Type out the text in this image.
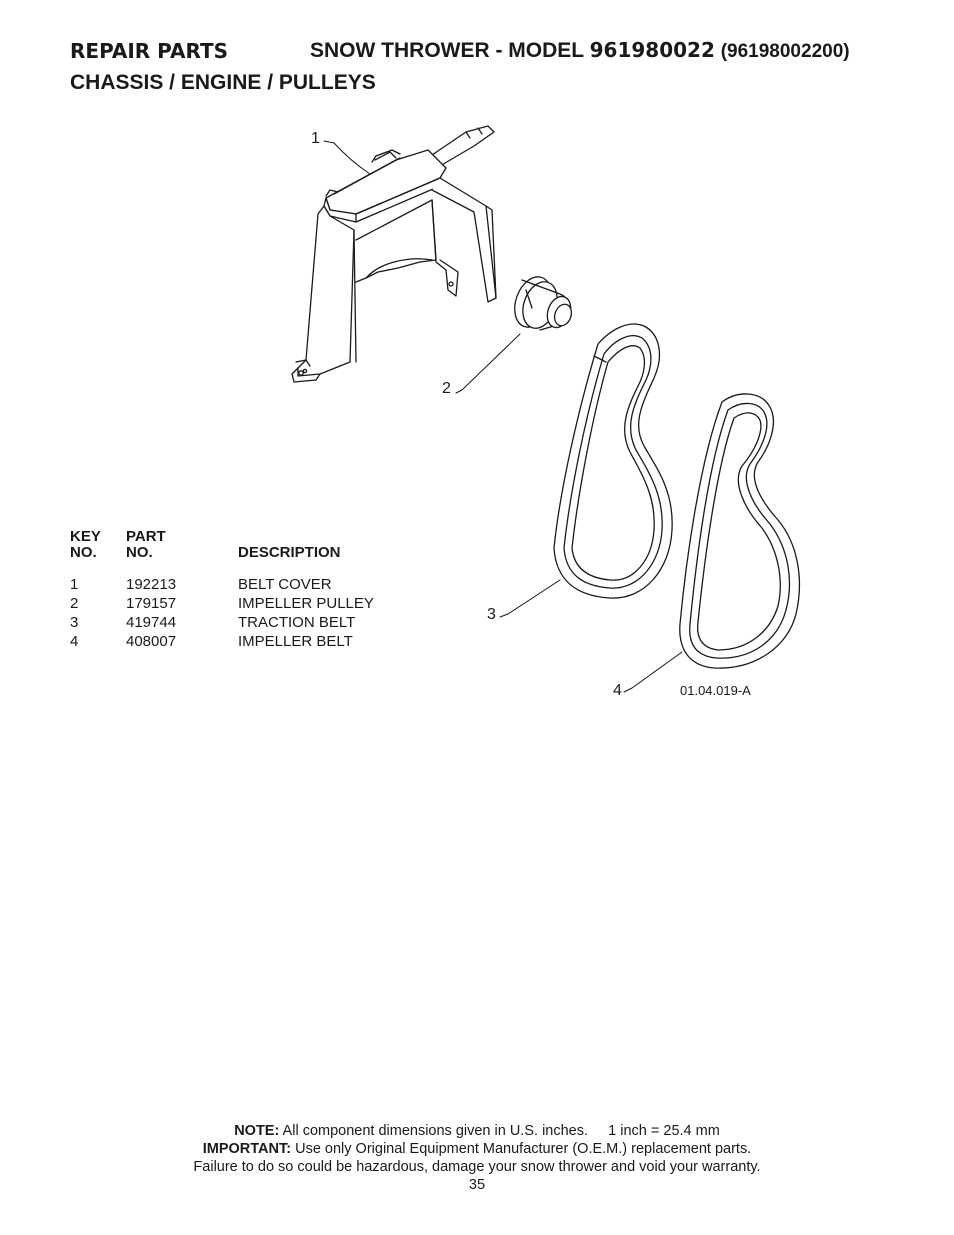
REPAIR PARTS	SNOW THROWER - MODEL 961980022 (96198002200)
CHASSIS / ENGINE / PULLEYS
1
2
3
4	01.04.019-A
KEY
NO.
PART
NO.	DESCRIPTION
1	192213	BELT COVER
2	179157	IMPELLER PULLEY
3	419744	TRACTION BELT
4	408007	IMPELLER BELT
NOTE: All component dimensions given in U.S. inches. 1 inch = 25.4 mm
IMPORTANT: Use only Original Equipment Manufacturer (O.E.M.) replacement parts.
Failure to do so could be hazardous, damage your snow thrower and void your warranty.
35
